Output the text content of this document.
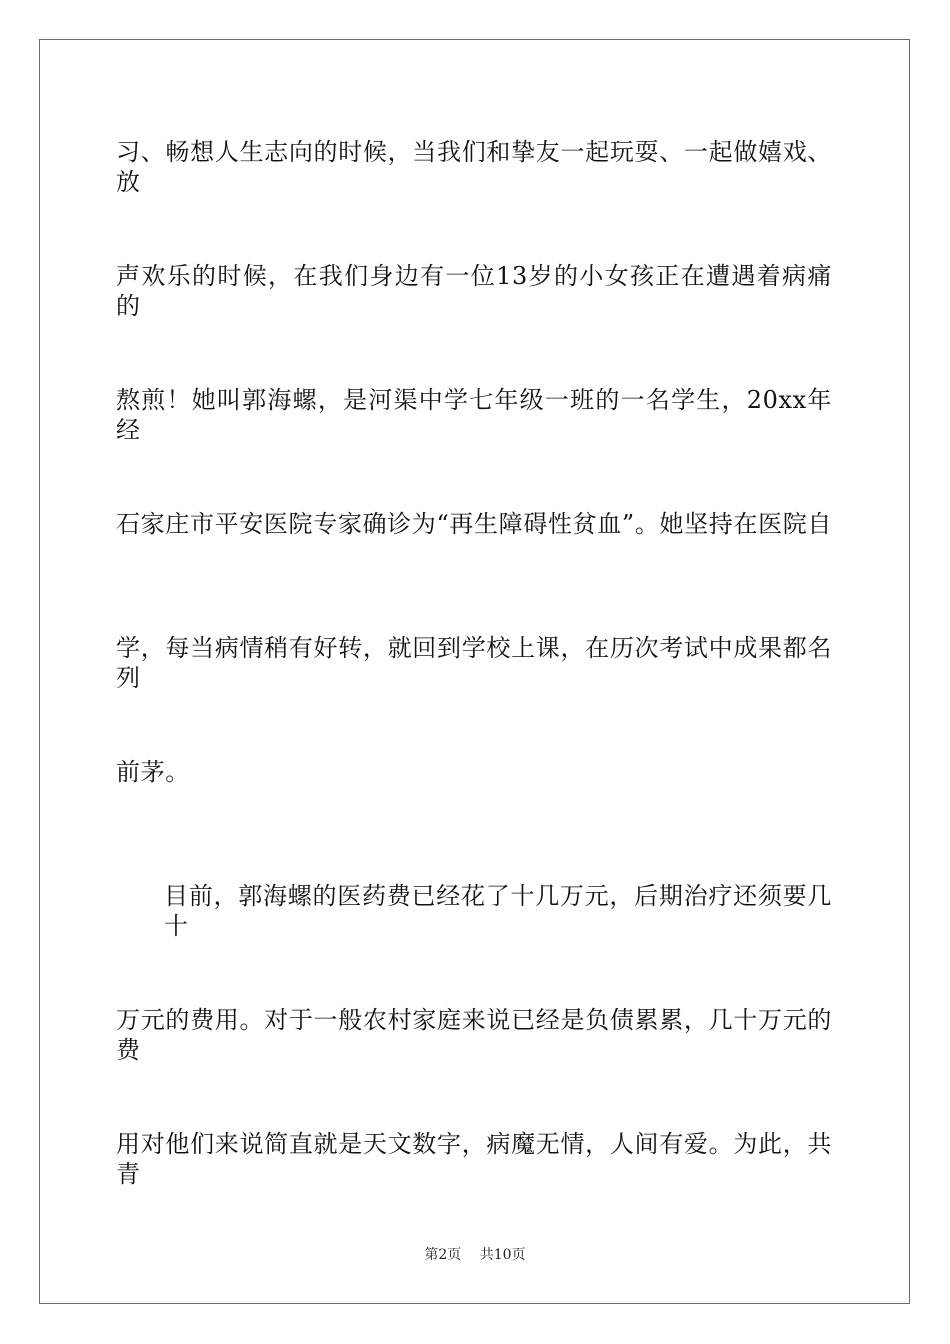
习、畅想人生志向的时候，当我们和挚友一起玩耍、一起做嬉戏、放
声欢乐的时候，在我们身边有一位13岁的小女孩正在遭遇着病痛的
熬煎！她叫郭海螺，是河渠中学七年级一班的一名学生，20xx年经
石家庄市平安医院专家确诊为“再生障碍性贫血”。她坚持在医院自
学，每当病情稍有好转，就回到学校上课，在历次考试中成果都名列
前茅。
目前，郭海螺的医药费已经花了十几万元，后期治疗还须要几十
万元的费用。对于一般农村家庭来说已经是负债累累，几十万元的费
用对他们来说简直就是天文数字，病魔无情，人间有爱。为此，共青
第2页 共10页
